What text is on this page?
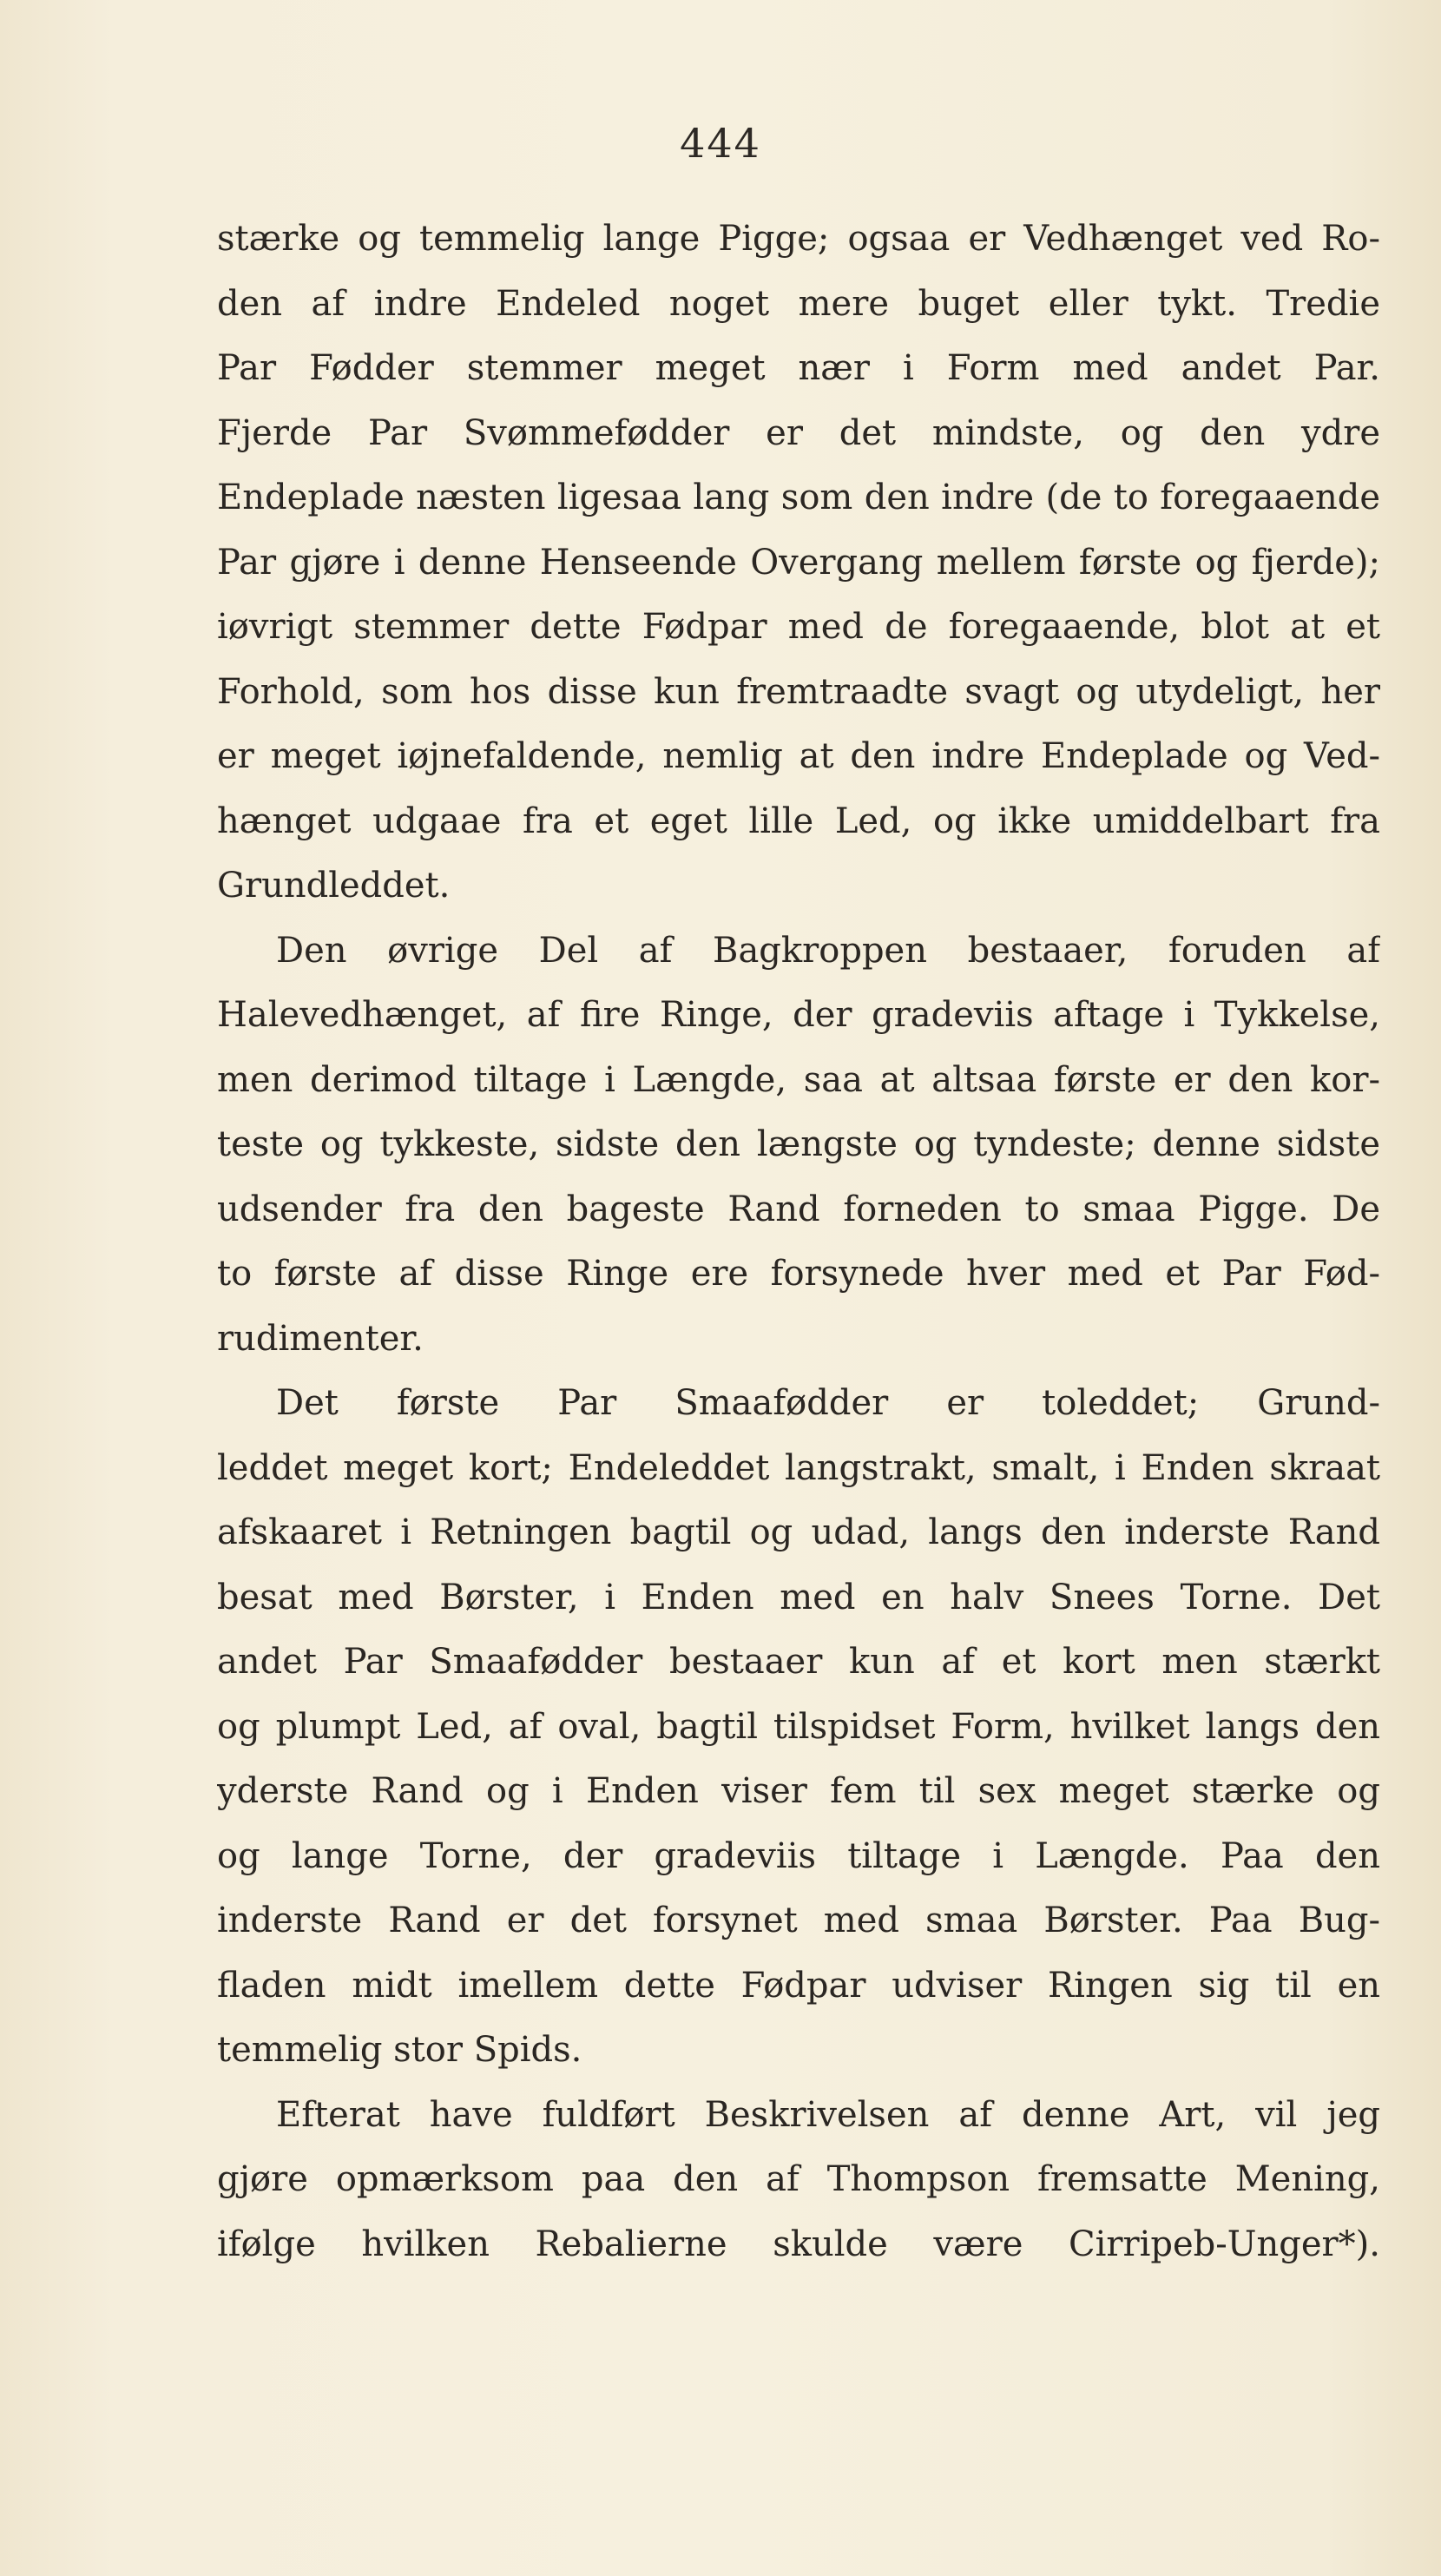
444
stærke og temmelig lange Pigge; ogsaa er Vedhænget ved Ro-
den af indre Endeled noget mere buget eller tykt. Tredie
Par Fødder stemmer meget nær i Form med andet Par.
Fjerde Par Svømmefødder er det mindste, og den ydre
Endeplade næsten ligesaa lang som den indre (de to foregaaende
Par gjøre i denne Henseende Overgang mellem første og fjerde);
iøvrigt stemmer dette Fødpar med de foregaaende, blot at et
Forhold, som hos disse kun fremtraadte svagt og utydeligt, her
er meget iøjnefaldende, nemlig at den indre Endeplade og Ved-
hænget udgaae fra et eget lille Led, og ikke umiddelbart fra
Grundleddet.
Den øvrige Del af Bagkroppen bestaaer, foruden af
Halevedhænget, af fire Ringe, der gradeviis aftage i Tykkelse,
men derimod tiltage i Længde, saa at altsaa første er den kor-
teste og tykkeste, sidste den længste og tyndeste; denne sidste
udsender fra den bageste Rand forneden to smaa Pigge. De
to første af disse Ringe ere forsynede hver med et Par Fød-
rudimenter.
Det første Par Smaafødder er toleddet; Grund-
leddet meget kort; Endeleddet langstrakt, smalt, i Enden skraat
afskaaret i Retningen bagtil og udad, langs den inderste Rand
besat med Børster, i Enden med en halv Snees Torne. Det
andet Par Smaafødder bestaaer kun af et kort men stærkt
og plumpt Led, af oval, bagtil tilspidset Form, hvilket langs den
yderste Rand og i Enden viser fem til sex meget stærke og
og lange Torne, der gradeviis tiltage i Længde. Paa den
inderste Rand er det forsynet med smaa Børster. Paa Bug-
fladen midt imellem dette Fødpar udviser Ringen sig til en
temmelig stor Spids.
Efterat have fuldført Beskrivelsen af denne Art, vil jeg
gjøre opmærksom paa den af Thompson fremsatte Mening,
ifølge hvilken Rebalierne skulde være Cirripeb-Unger*).
